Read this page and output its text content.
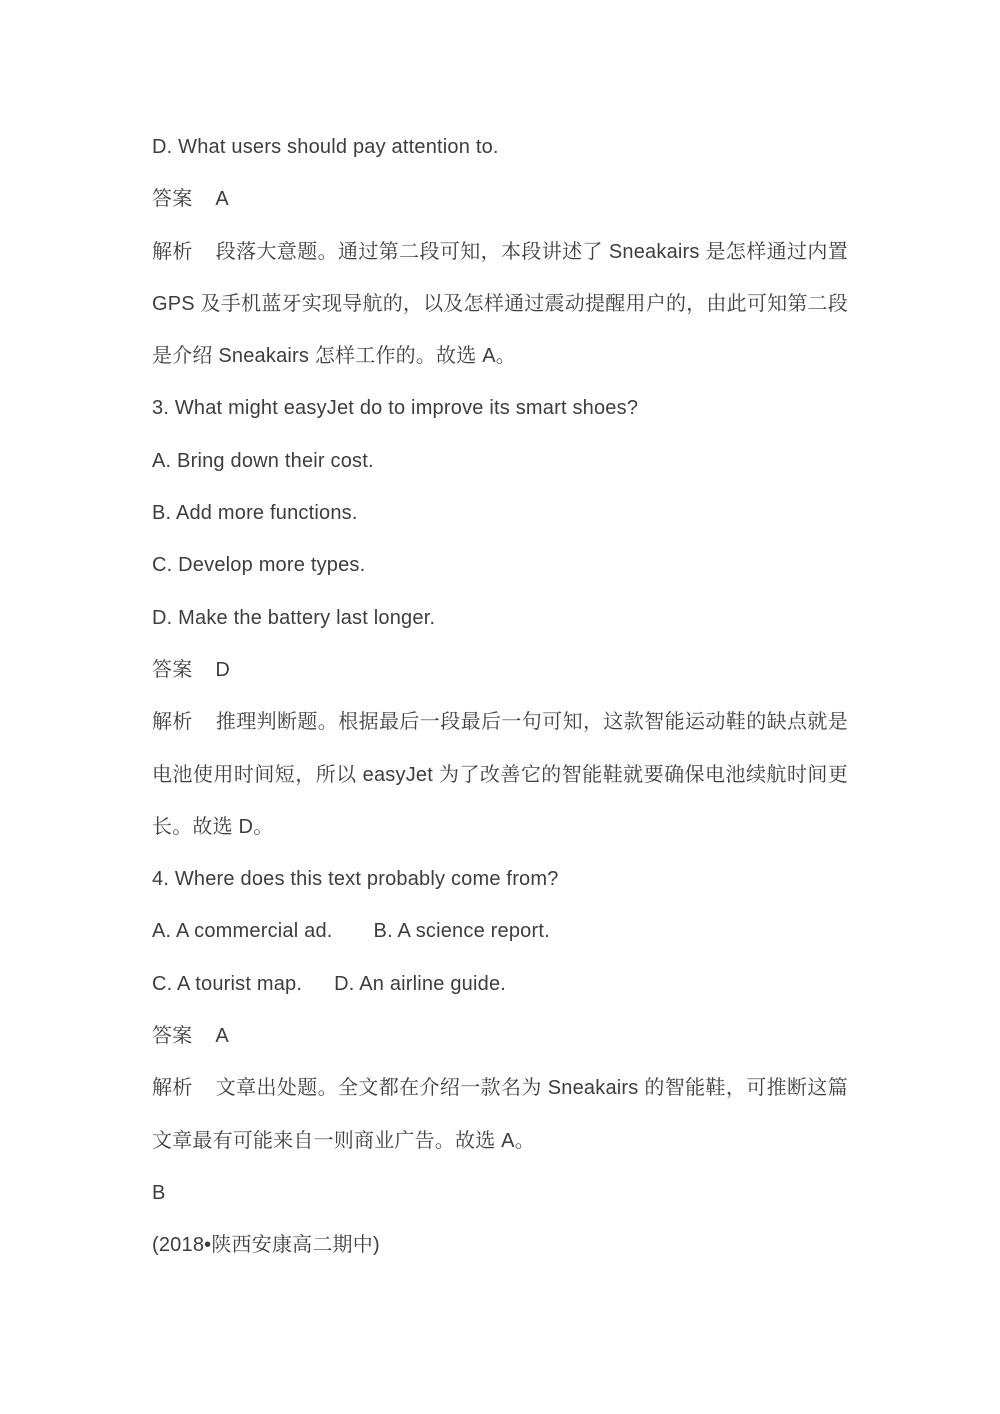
D. What users should pay attention to.

答案 A

解析 段落大意题。通过第二段可知，本段讲述了 Sneakairs 是怎样通过内置 GPS 及手机蓝牙实现导航的，以及怎样通过震动提醒用户的，由此可知第二段是介绍 Sneakairs 怎样工作的。故选 A。

3. What might easyJet do to improve its smart shoes?

A. Bring down their cost.

B. Add more functions.

C. Develop more types.

D. Make the battery last longer.

答案 D

解析 推理判断题。根据最后一段最后一句可知，这款智能运动鞋的缺点就是电池使用时间短，所以 easyJet 为了改善它的智能鞋就要确保电池续航时间更长。故选 D。

4. Where does this text probably come from?

A. A commercial ad. B. A science report.

C. A tourist map. D. An airline guide.

答案 A

解析 文章出处题。全文都在介绍一款名为 Sneakairs 的智能鞋，可推断这篇文章最有可能来自一则商业广告。故选 A。

B

(2018•陕西安康高二期中)
